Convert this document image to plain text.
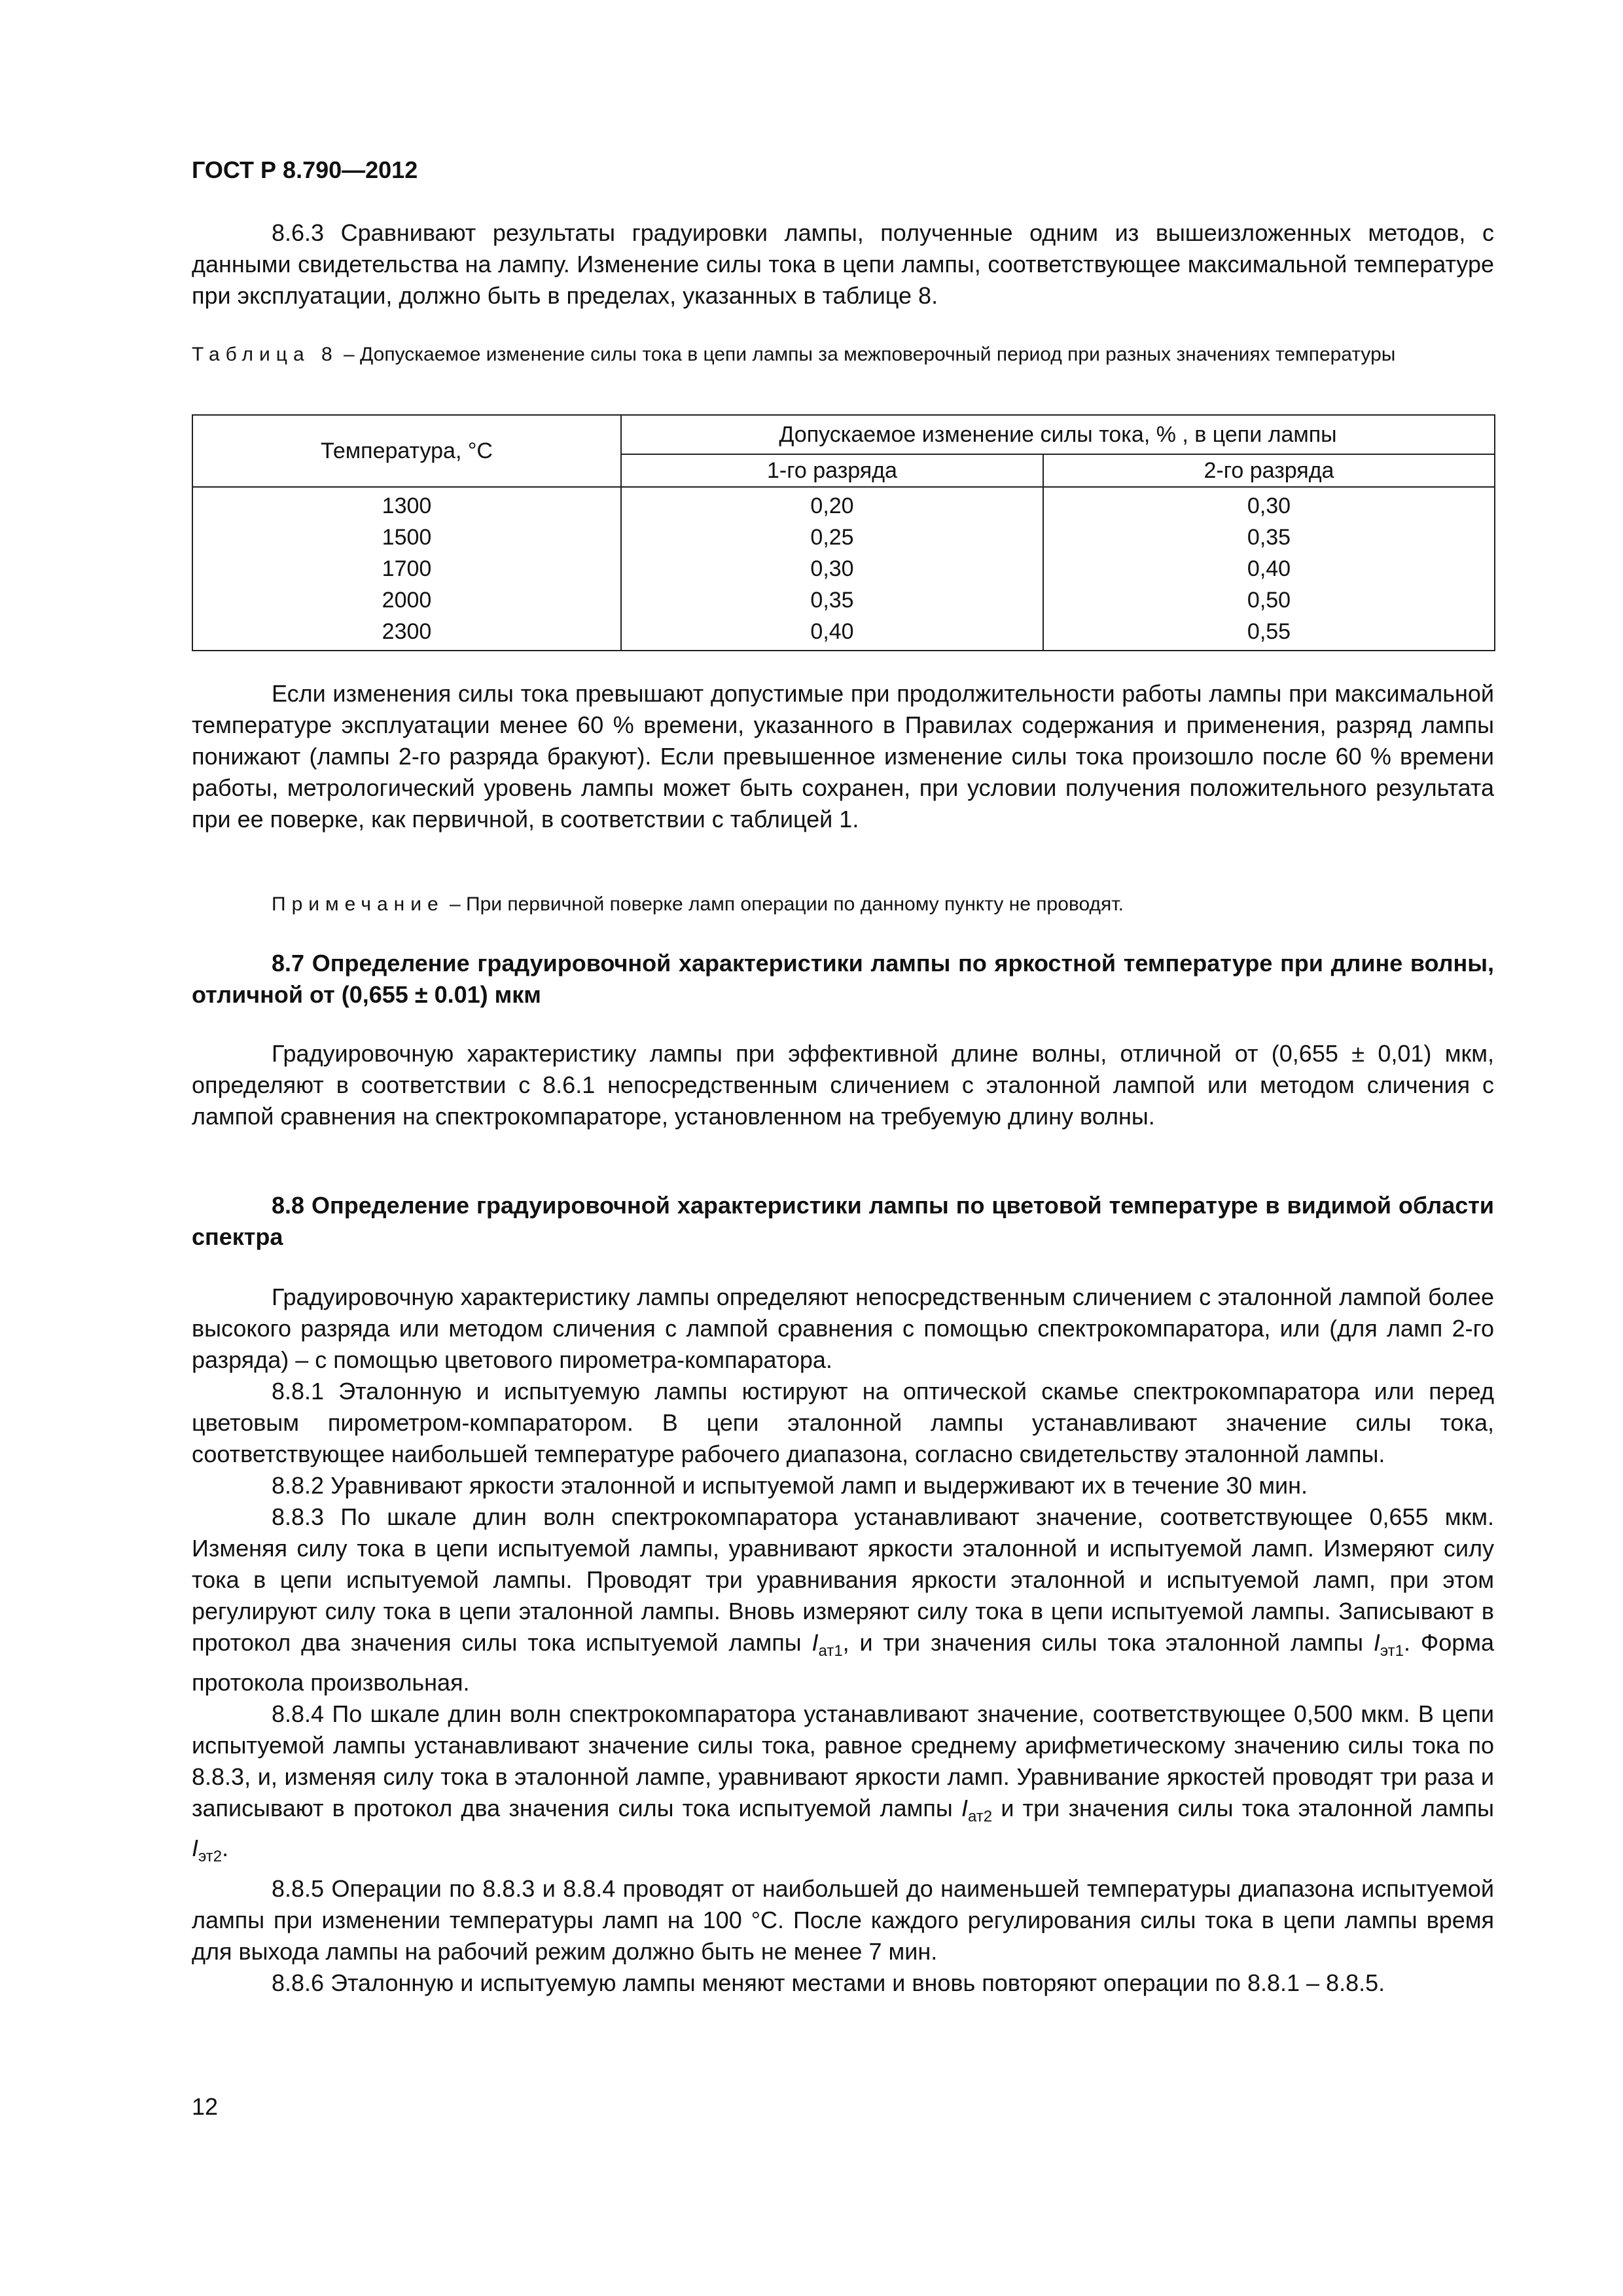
ГОСТ Р 8.790—2012

8.6.3 Сравнивают результаты градуировки лампы, полученные одним из вышеизложенных методов, с данными свидетельства на лампу. Изменение силы тока в цепи лампы, соответствующее максимальной температуре при эксплуатации, должно быть в пределах, указанных в таблице 8.

Таблица 8 – Допускаемое изменение силы тока в цепи лампы за межповерочный период при разных значениях температуры

Температура, °С	Допускаемое изменение силы тока, % , в цепи лампы	
	1-го разряда	2-го разряда
1300	0,20	0,30
1500	0,25	0,35
1700	0,30	0,40
2000	0,35	0,50
2300	0,40	0,55

Если изменения силы тока превышают допустимые при продолжительности работы лампы при максимальной температуре эксплуатации менее 60 % времени, указанного в Правилах содержания и применения, разряд лампы понижают (лампы 2-го разряда бракуют). Если превышенное изменение силы тока произошло после 60 % времени работы, метрологический уровень лампы может быть сохранен, при условии получения положительного результата при ее поверке, как первичной, в соответствии с таблицей 1.

Примечание – При первичной поверке ламп операции по данному пункту не проводят.

8.7 Определение градуировочной характеристики лампы по яркостной температуре при длине волны, отличной от (0,655 ± 0.01) мкм

Градуировочную характеристику лампы при эффективной длине волны, отличной от (0,655 ± 0,01) мкм, определяют в соответствии с 8.6.1 непосредственным сличением с эталонной лампой или методом сличения с лампой сравнения на спектрокомпараторе, установленном на требуемую длину волны.

8.8 Определение градуировочной характеристики лампы по цветовой температуре в видимой области спектра

Градуировочную характеристику лампы определяют непосредственным сличением с эталонной лампой более высокого разряда или методом сличения с лампой сравнения с помощью спектрокомпаратора, или (для ламп 2-го разряда) – с помощью цветового пирометра-компаратора.

8.8.1 Эталонную и испытуемую лампы юстируют на оптической скамье спектрокомпаратора или перед цветовым пирометром-компаратором. В цепи эталонной лампы устанавливают значение силы тока, соответствующее наибольшей температуре рабочего диапазона, согласно свидетельству эталонной лампы.

8.8.2 Уравнивают яркости эталонной и испытуемой ламп и выдерживают их в течение 30 мин.

8.8.3 По шкале длин волн спектрокомпаратора устанавливают значение, соответствующее 0,655 мкм. Изменяя силу тока в цепи испытуемой лампы, уравнивают яркости эталонной и испытуемой ламп. Измеряют силу тока в цепи испытуемой лампы. Проводят три уравнивания яркости эталонной и испытуемой ламп, при этом регулируют силу тока в цепи эталонной лампы. Вновь измеряют силу тока в цепи испытуемой лампы. Записывают в протокол два значения силы тока испытуемой лампы $I_{ат1}$, и три значения силы тока эталонной лампы $I_{эт1}$. Форма протокола произвольная.

8.8.4 По шкале длин волн спектрокомпаратора устанавливают значение, соответствующее 0,500 мкм. В цепи испытуемой лампы устанавливают значение силы тока, равное среднему арифметическому значению силы тока по 8.8.3, и, изменяя силу тока в эталонной лампе, уравнивают яркости ламп. Уравнивание яркостей проводят три раза и записывают в протокол два значения силы тока испытуемой лампы $I_{ат2}$ и три значения силы тока эталонной лампы $I_{эт2}$.

8.8.5 Операции по 8.8.3 и 8.8.4 проводят от наибольшей до наименьшей температуры диапазона испытуемой лампы при изменении температуры ламп на 100 °С. После каждого регулирования силы тока в цепи лампы время для выхода лампы на рабочий режим должно быть не менее 7 мин.

8.8.6 Эталонную и испытуемую лампы меняют местами и вновь повторяют операции по 8.8.1 – 8.8.5.

12
